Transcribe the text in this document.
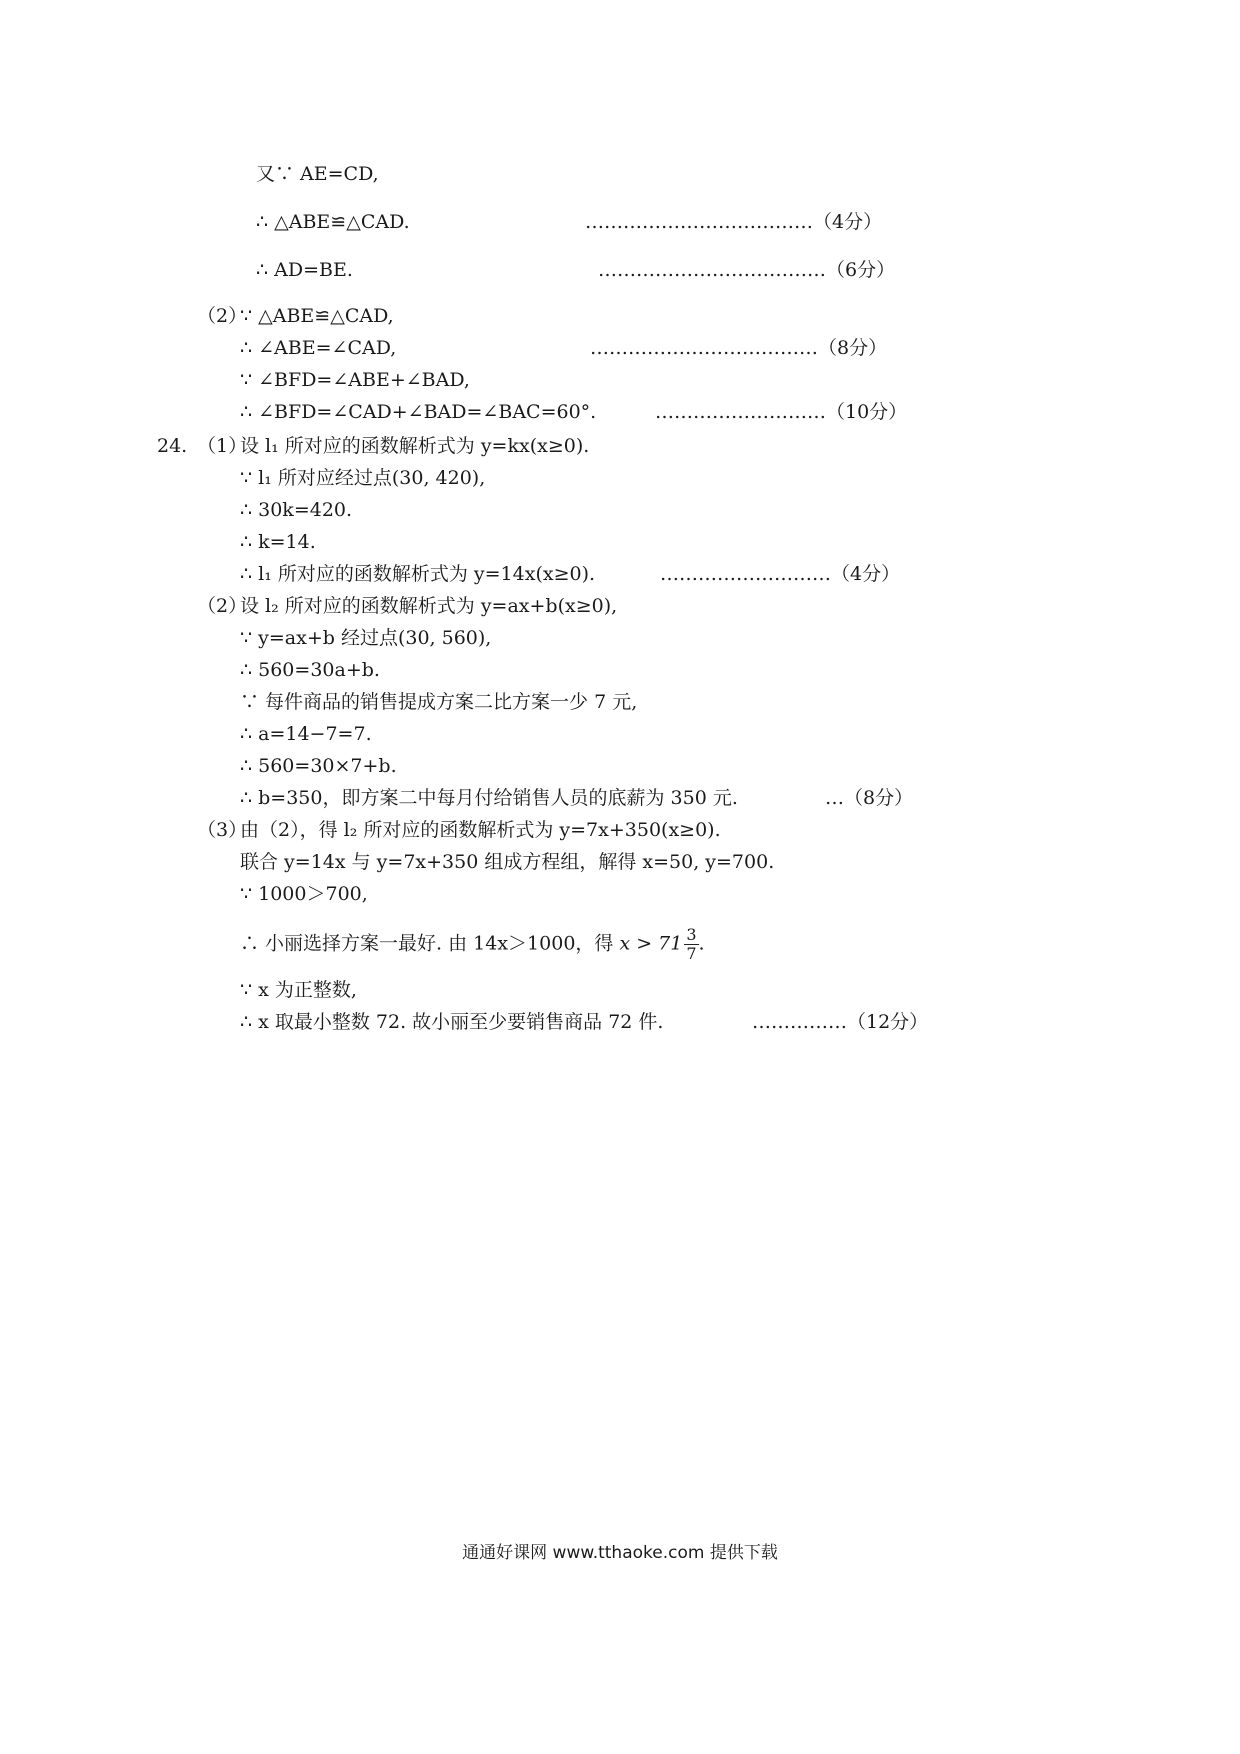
又∵ AE=CD,
∴ △ABE≌△CAD.	………………………………（4分）
∴ AD=BE.	………………………………（6分）
（2）
∵ △ABE≌△CAD,
∴ ∠ABE=∠CAD,	………………………………（8分）
∵ ∠BFD=∠ABE+∠BAD,
∴ ∠BFD=∠CAD+∠BAD=∠BAC=60°.	………………………（10分）
24. （1）
设 l₁ 所对应的函数解析式为 y=kx(x≥0).
∵ l₁ 所对应经过点(30, 420),
∴ 30k=420.
∴ k=14.
∴ l₁ 所对应的函数解析式为 y=14x(x≥0).	………………………（4分）
（2）
设 l₂ 所对应的函数解析式为 y=ax+b(x≥0),
∵ y=ax+b 经过点(30, 560),
∴ 560=30a+b.
∵ 每件商品的销售提成方案二比方案一少 7 元,
∴ a=14−7=7.
∴ 560=30×7+b.
∴ b=350，即方案二中每月付给销售人员的底薪为 350 元.	…（8分）
（3）
由（2），得 l₂ 所对应的函数解析式为 y=7x+350(x≥0).
联合 y=14x 与 y=7x+350 组成方程组，解得 x=50, y=700.
∵ 1000＞700,
∴ 小丽选择方案一最好. 由 14x＞1000，得 $x > 71 \frac{3}{7}$ .
∵ x 为正整数,
∴ x 取最小整数 72. 故小丽至少要销售商品 72 件.	……………（12分）
通通好课网 www.tthaoke.com 提供下载
